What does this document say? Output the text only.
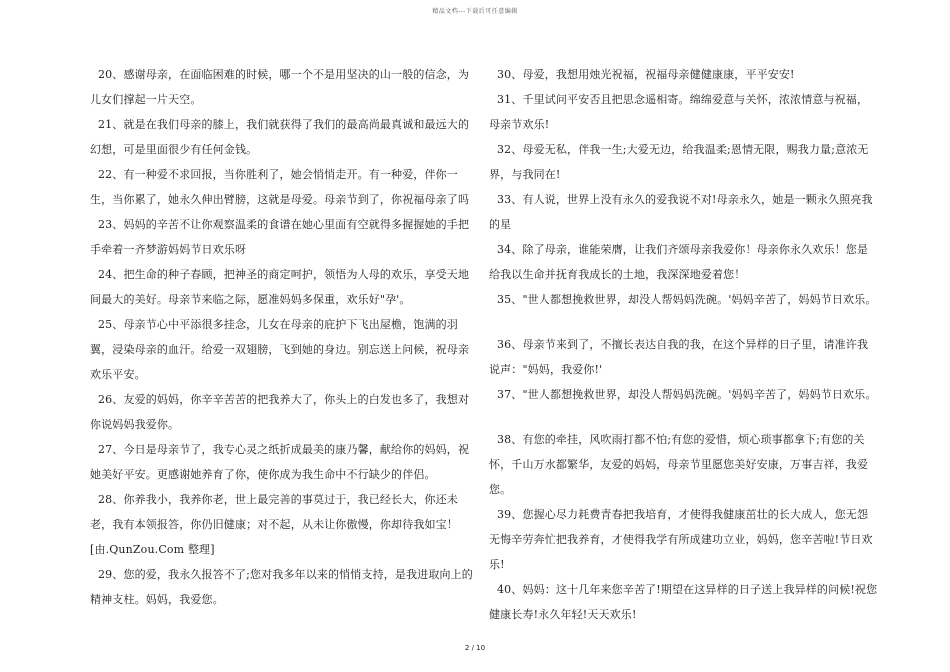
精品文档---下载后可任意编辑

20、感谢母亲，在面临困难的时候，哪一个不是用坚决的山一般的信念，为儿女们撑起一片天空。

21、就是在我们母亲的膝上，我们就获得了我们的最高尚最真诚和最远大的幻想，可是里面很少有任何金钱。

22、有一种爱不求回报，当你胜利了，她会悄悄走开。有一种爱，伴你一生，当你累了，她永久伸出臂膀，这就是母爱。母亲节到了，你祝福母亲了吗

23、妈妈的辛苦不让你观察温柔的食谱在她心里面有空就得多握握她的手把手牵着一齐梦游妈妈节日欢乐呀

24、把生命的种子春顾，把神圣的商定呵护，领悟为人母的欢乐，享受天地间最大的美好。母亲节来临之际，愿准妈妈多保重，欢乐好"孕'。

25、母亲节心中平添很多挂念，儿女在母亲的庇护下飞出屋檐，饱满的羽翼，浸染母亲的血汗。给爱一双翅膀，飞到她的身边。别忘送上问候，祝母亲欢乐平安。

26、友爱的妈妈，你辛辛苦苦的把我养大了，你头上的白发也多了，我想对你说妈妈我爱你。

27、今日是母亲节了，我专心灵之纸折成最美的康乃馨，献给你的妈妈，祝她美好平安。更感谢她养育了你，使你成为我生命中不行缺少的伴侣。

28、你养我小，我养你老，世上最完善的事莫过于，我已经长大，你还未老，我有本领报答，你仍旧健康；对不起，从未让你傲慢，你却待我如宝！

[由.QunZou.Com 整理]

29、您的爱，我永久报答不了;您对我多年以来的悄悄支持，是我进取向上的精神支柱。妈妈，我爱您。

30、母爱，我想用烛光祝福，祝福母亲健健康康，平平安安!

31、千里试问平安否且把思念遥相寄。绵绵爱意与关怀，浓浓情意与祝福，母亲节欢乐!

32、母爱无私，伴我一生;大爱无边，给我温柔;恩情无限，赐我力量;意浓无界，与我同在!

33、有人说，世界上没有永久的爱我说不对!母亲永久，她是一颗永久照亮我的星

34、除了母亲，谁能荣膺，让我们齐颂母亲我爱你！母亲你永久欢乐！您是给我以生命并抚育我成长的土地，我深深地爱着您！

35、"世人都想挽救世界，却没人帮妈妈洗碗。'妈妈辛苦了，妈妈节日欢乐。

36、母亲节来到了，不擅长表达自我的我，在这个异样的日子里，请准许我说声："妈妈，我爱你!'

37、"世人都想挽救世界，却没人帮妈妈洗碗。'妈妈辛苦了，妈妈节日欢乐。

38、有您的牵挂，风吹雨打都不怕;有您的爱惜，烦心琐事都拿下;有您的关怀，千山万水都繁华，友爱的妈妈，母亲节里愿您美好安康，万事吉祥，我爱您。

39、您握心尽力耗费青春把我培育，才使得我健康茁壮的长大成人，您无怨无悔辛劳奔忙把我养育，才使得我学有所成建功立业，妈妈，您辛苦啦!节日欢乐!

40、妈妈：这十几年来您辛苦了!期望在这异样的日子送上我异样的问候!祝您健康长寿!永久年轻!天天欢乐!

2 / 10
